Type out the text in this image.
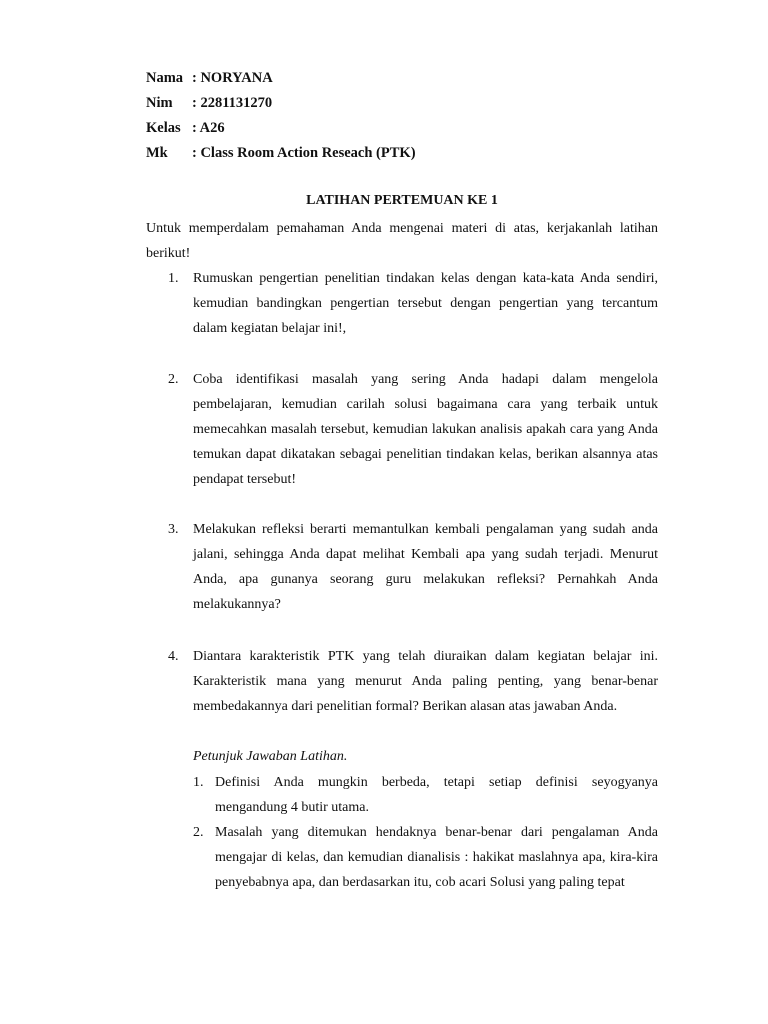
Nama : NORYANA
Nim	: 2281131270
Kelas : A26
Mk	: Class Room Action Reseach (PTK)
LATIHAN PERTEMUAN KE 1
Untuk memperdalam pemahaman Anda mengenai materi di atas, kerjakanlah latihan berikut!
1. Rumuskan pengertian penelitian tindakan kelas dengan kata-kata Anda sendiri, kemudian bandingkan pengertian tersebut dengan pengertian yang tercantum dalam kegiatan belajar ini!,
2. Coba identifikasi masalah yang sering Anda hadapi dalam mengelola pembelajaran, kemudian carilah solusi bagaimana cara yang terbaik untuk memecahkan masalah tersebut, kemudian lakukan analisis apakah cara yang Anda temukan dapat dikatakan sebagai penelitian tindakan kelas, berikan alsannya atas pendapat tersebut!
3. Melakukan refleksi berarti memantulkan kembali pengalaman yang sudah anda jalani, sehingga Anda dapat melihat Kembali apa yang sudah terjadi. Menurut Anda, apa gunanya seorang guru melakukan refleksi? Pernahkah Anda melakukannya?
4. Diantara karakteristik PTK yang telah diuraikan dalam kegiatan belajar ini. Karakteristik mana yang menurut Anda paling penting, yang benar-benar membedakannya dari penelitian formal? Berikan alasan atas jawaban Anda.
Petunjuk Jawaban Latihan.
1. Definisi Anda mungkin berbeda, tetapi setiap definisi seyogyanya mengandung 4 butir utama.
2. Masalah yang ditemukan hendaknya benar-benar dari pengalaman Anda mengajar di kelas, dan kemudian dianalisis : hakikat maslahnya apa, kira-kira penyebabnya apa, dan berdasarkan itu, cob acari Solusi yang paling tepat
